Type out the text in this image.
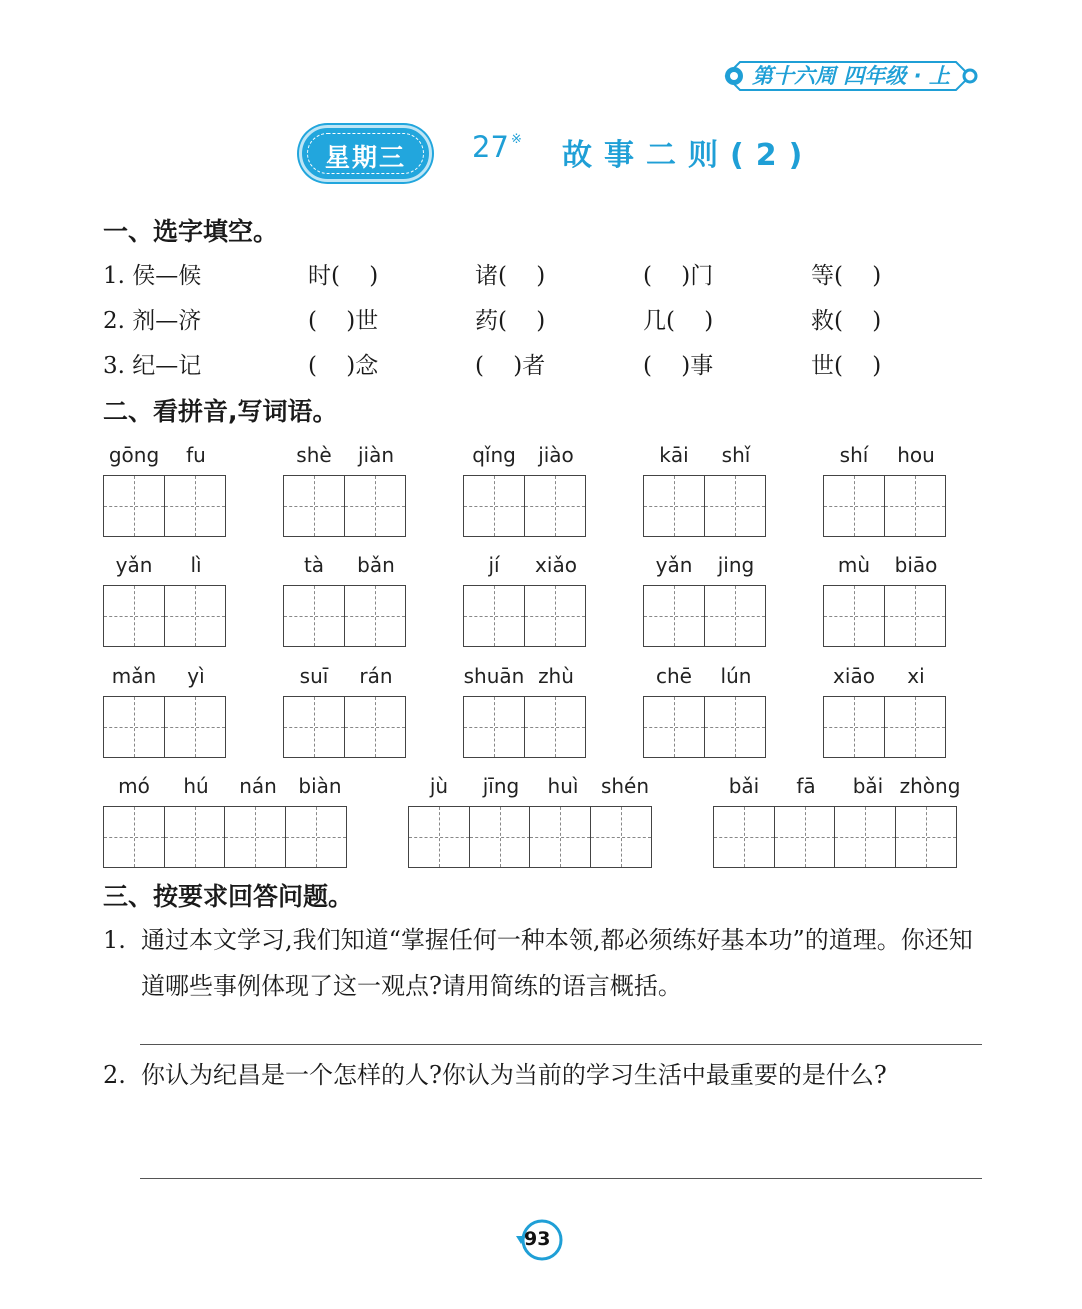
第十六周 四年级 · 上
星期三	27 ※ 故事二则(2)
一、选字填空。
1. 侯—候	时(    )	诸(    )	(    )门	等(    )
2. 剂—济	(    )世	药(    )	几(    )	救(    )
3. 纪—记	(    )念	(    )者	(    )事	世(    )
二、看拼音,写词语。
gōng	fu	shè	jiàn	qǐng	jiào	kāi	shǐ	shí	hou
yǎn	lì	tà	bǎn	jí	xiǎo	yǎn	jing	mù	biāo
mǎn	yì	suī	rán	shuān zhù	chē	lún	xiāo	xi
mó	hú	nán	biàn	jù	jīng	huì	shén	bǎi	fā	bǎi zhòng
三、按要求回答问题。
1. 通过本文学习,我们知道“掌握任何一种本领,都必须练好基本功”的道理。你还知道哪些事例体现了这一观点?请用简练的语言概括。
2. 你认为纪昌是一个怎样的人?你认为当前的学习生活中最重要的是什么?
93
